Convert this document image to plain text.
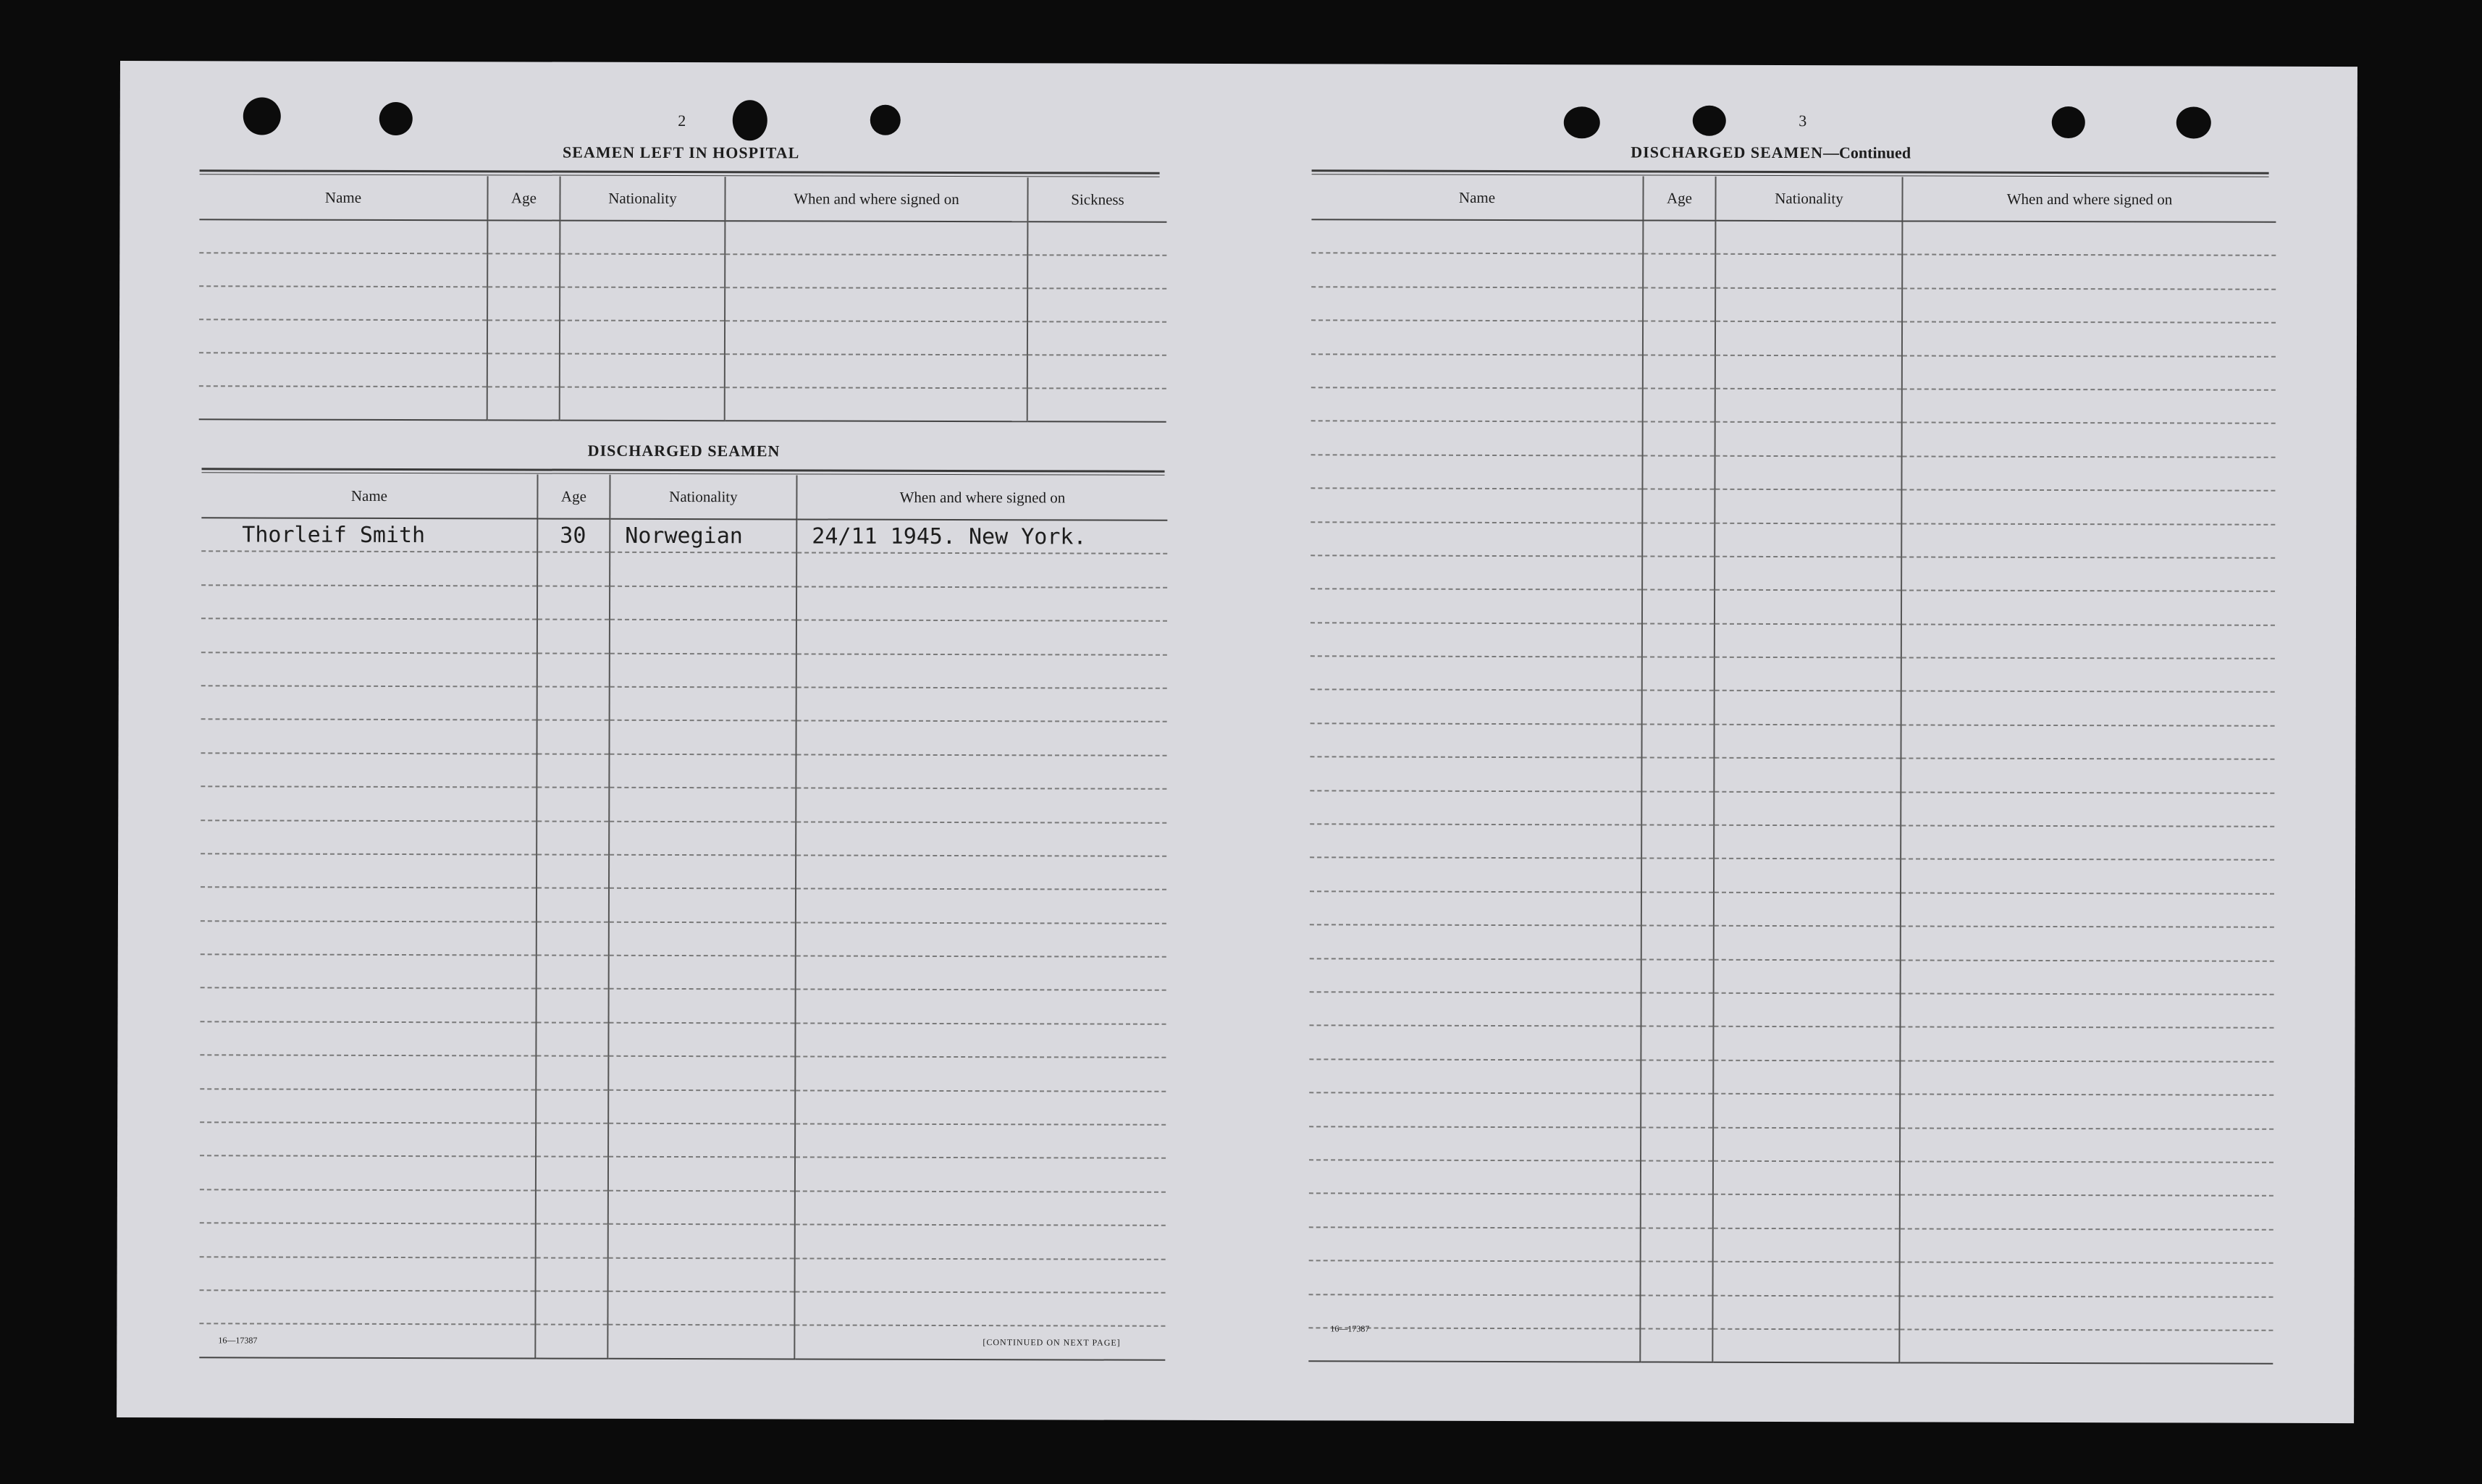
2
SEAMEN LEFT IN HOSPITAL
Name	Age	Nationality	When and where signed on	Sickness

DISCHARGED SEAMEN
Name	Age	Nationality	When and where signed on
Thorleif Smith	30	Norwegian	24/11 1945. New York.

16—17387	[CONTINUED ON NEXT PAGE]
3
DISCHARGED SEAMEN—Continued
Name	Age	Nationality	When and where signed on

16—17387
